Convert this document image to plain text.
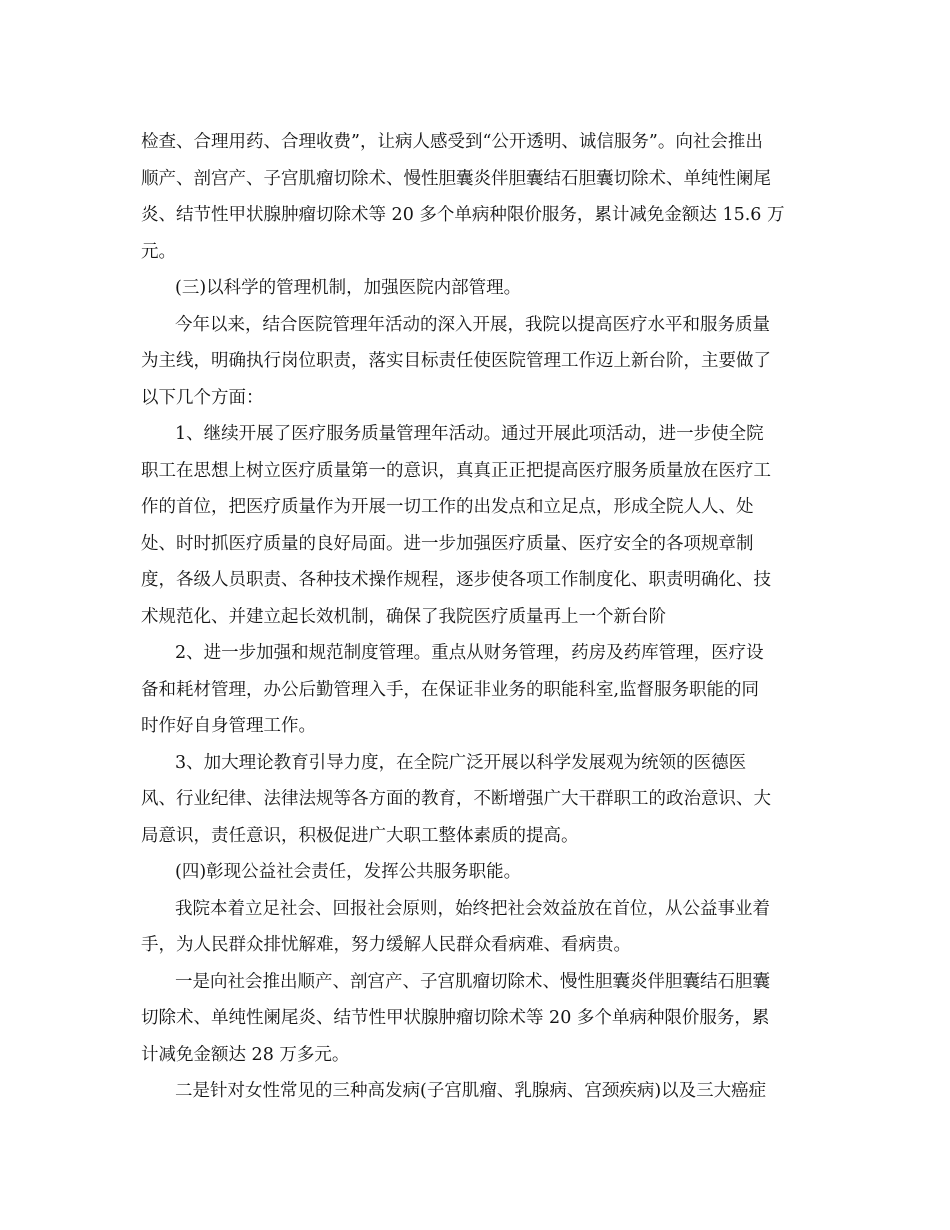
检查、合理用药、合理收费”，让病人感受到“公开透明、诚信服务”。向社会推出
顺产、剖宫产、子宫肌瘤切除术、慢性胆囊炎伴胆囊结石胆囊切除术、单纯性阑尾
炎、结节性甲状腺肿瘤切除术等 20 多个单病种限价服务，累计减免金额达 15.6 万
元。
(三)以科学的管理机制，加强医院内部管理。
今年以来，结合医院管理年活动的深入开展，我院以提高医疗水平和服务质量
为主线，明确执行岗位职责，落实目标责任使医院管理工作迈上新台阶，主要做了
以下几个方面：
1、继续开展了医疗服务质量管理年活动。通过开展此项活动，进一步使全院
职工在思想上树立医疗质量第一的意识，真真正正把提高医疗服务质量放在医疗工
作的首位，把医疗质量作为开展一切工作的出发点和立足点，形成全院人人、处
处、时时抓医疗质量的良好局面。进一步加强医疗质量、医疗安全的各项规章制
度，各级人员职责、各种技术操作规程，逐步使各项工作制度化、职责明确化、技
术规范化、并建立起长效机制，确保了我院医疗质量再上一个新台阶
2、进一步加强和规范制度管理。重点从财务管理，药房及药库管理，医疗设
备和耗材管理，办公后勤管理入手，在保证非业务的职能科室,监督服务职能的同
时作好自身管理工作。
3、加大理论教育引导力度，在全院广泛开展以科学发展观为统领的医德医
风、行业纪律、法律法规等各方面的教育，不断增强广大干群职工的政治意识、大
局意识，责任意识，积极促进广大职工整体素质的提高。
(四)彰现公益社会责任，发挥公共服务职能。
我院本着立足社会、回报社会原则，始终把社会效益放在首位，从公益事业着
手，为人民群众排忧解难，努力缓解人民群众看病难、看病贵。
一是向社会推出顺产、剖宫产、子宫肌瘤切除术、慢性胆囊炎伴胆囊结石胆囊
切除术、单纯性阑尾炎、结节性甲状腺肿瘤切除术等 20 多个单病种限价服务，累
计减免金额达 28 万多元。
二是针对女性常见的三种高发病(子宫肌瘤、乳腺病、宫颈疾病)以及三大癌症
